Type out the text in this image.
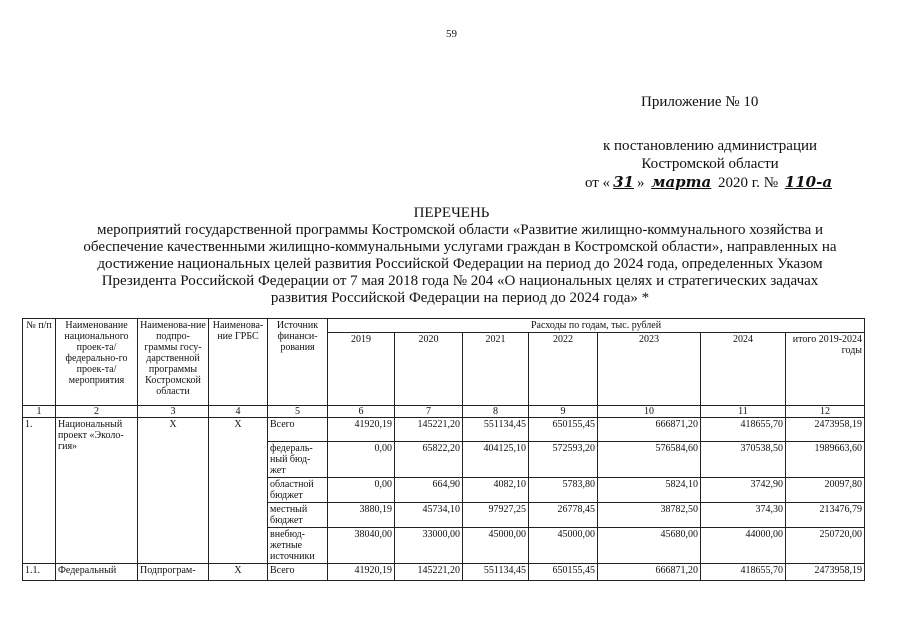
59
Приложение № 10
к постановлению администрации
Костромской области
от « 31 » марта 2020 г. № 110-а
ПЕРЕЧЕНЬ
мероприятий государственной программы Костромской области «Развитие жилищно-коммунального хозяйства и обеспечение качественными жилищно-коммунальными услугами граждан в Костромской области», направленных на достижение национальных целей развития Российской Федерации на период до 2024 года, определенных Указом Президента Российской Федерации от 7 мая 2018 года № 204 «О национальных целях и стратегических задачах развития Российской Федерации на период до 2024 года» *
№ п/п	Наименование национального проек-та/федерально-го проек-та/мероприятия	Наименова-ние подпро-граммы госу-дарственной программы Костромской области	Наименова-ние ГРБС	Источник финанси-рования	Расходы по годам, тыс. рублей						
					2019	2020	2021	2022	2023	2024	итого 2019-2024 годы
1	2	3	4	5	6	7	8	9	10	11	12
1.	Национальный проект «Эколо-гия»	Х	Х	Всего	41920,19	145221,20	551134,45	650155,45	666871,20	418655,70	2473958,19
				федераль-ный бюд-жет	0,00	65822,20	404125,10	572593,20	576584,60	370538,50	1989663,60
				областной бюджет	0,00	664,90	4082,10	5783,80	5824,10	3742,90	20097,80
				местный бюджет	3880,19	45734,10	97927,25	26778,45	38782,50	374,30	213476,79
				внебюд-жетные источники	38040,00	33000,00	45000,00	45000,00	45680,00	44000,00	250720,00
1.1.	Федеральный	Подпрограм-	Х	Всего	41920,19	145221,20	551134,45	650155,45	666871,20	418655,70	2473958,19
